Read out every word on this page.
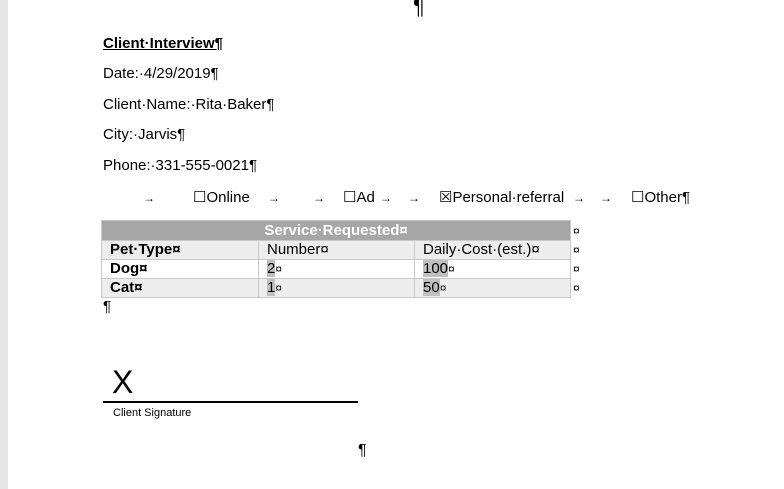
¶
Client·Interview¶
Date:·4/29/2019¶
Client·Name:·Rita·Baker¶
City:·Jarvis¶
Phone:·331-555-0021¶
→	☐Online →	→ ☐Ad → → ☒Personal·referral → → ☐Other¶
Service·Requested¤		
Pet·Type¤	Number¤	Daily·Cost·(est.)¤
Dog¤	2¤	100¤
Cat¤	1¤	50¤
¤
¤
¤
¤
¶
X
Client Signature
¶
